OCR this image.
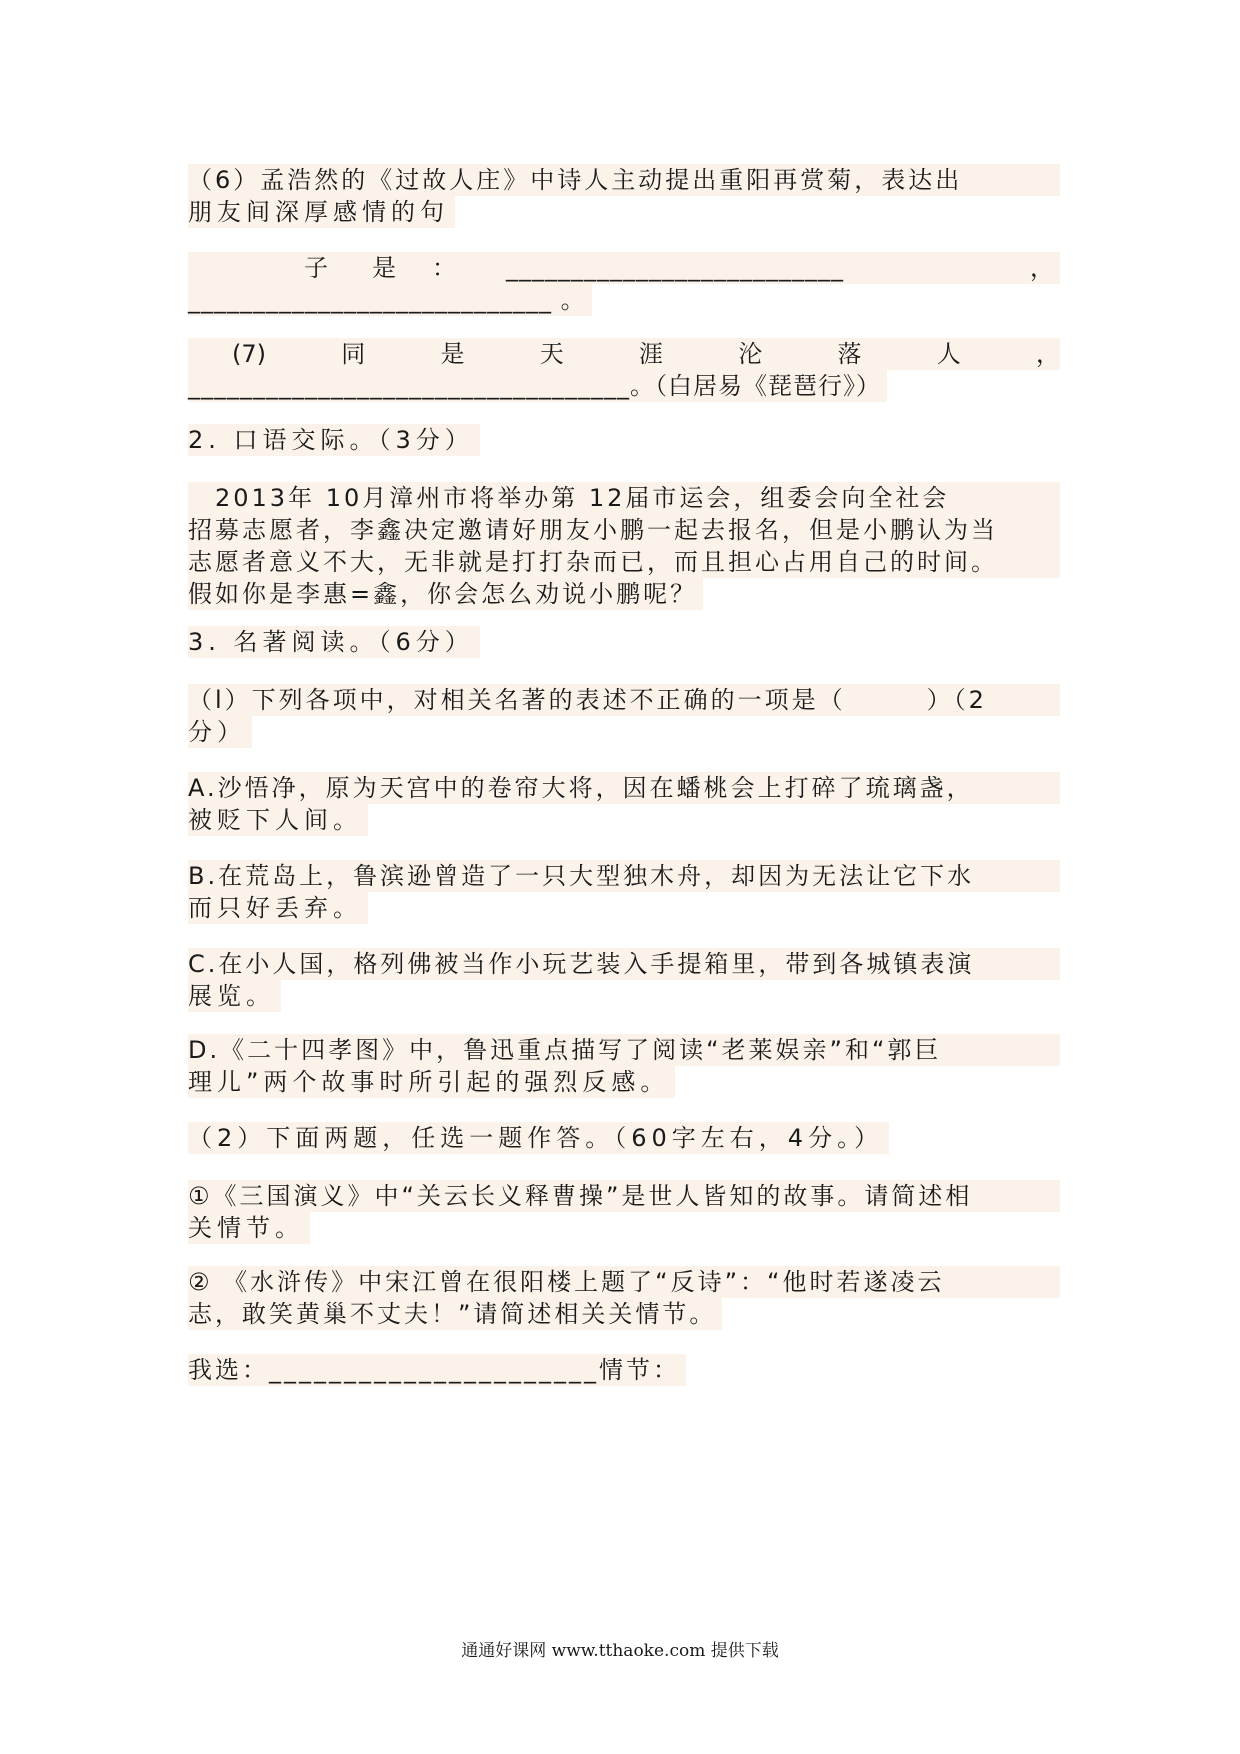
（6）孟浩然的《过故人庄》中诗人主动提出重阳再赏菊，表达出
朋友间深厚感情的句
子 是 ： __________________________	，
____________________________ 。
(7)	同	是	天	涯	沦	落	人	，
__________________________________。（白居易《琵琶行》）
2. 口语交际。（3分）
　2013年 10月漳州市将举办第 12届市运会，组委会向全社会
招募志愿者，李鑫决定邀请好朋友小鹏一起去报名，但是小鹏认为当
志愿者意义不大，无非就是打打杂而已，而且担心占用自己的时间。
假如你是李惠=鑫，你会怎么劝说小鹏呢？
3. 名著阅读。（6分）
（l）下列各项中，对相关名著的表述不正确的一项是（　　　）（2
分）
A.沙悟净，原为天宫中的卷帘大将，因在蟠桃会上打碎了琉璃盏，
被贬下人间。
B.在荒岛上，鲁滨逊曾造了一只大型独木舟，却因为无法让它下水
而只好丢弃。
C.在小人国，格列佛被当作小玩艺装入手提箱里，带到各城镇表演
展览。
D.《二十四孝图》中，鲁迅重点描写了阅读“老莱娱亲”和“郭巨
理儿”两个故事时所引起的强烈反感。
（2）下面两题，任选一题作答。（60字左右，4分。）
①《三国演义》中“关云长义释曹操”是世人皆知的故事。请简述相
关情节。
② 《水浒传》中宋江曾在很阳楼上题了“反诗”：“他时若遂凌云
志，敢笑黄巢不丈夫！”请简述相关关情节。
我选：______________________情节：
通通好课网 www.tthaoke.com 提供下载
